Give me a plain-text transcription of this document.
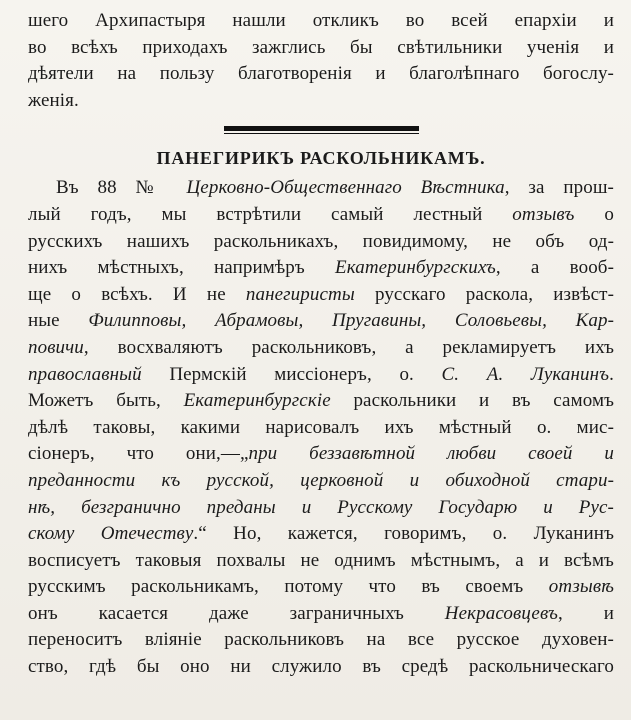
шего Архипастыря нашли откликъ во всей епархіи и
во всѣхъ приходахъ зажглись бы свѣтильники ученія и
дѣятели на пользу благотворенія и благолѣпнаго богослу-
женія.
ПАНЕГИРИКЪ РАСКОЛЬНИКАМЪ.
Въ 88 № Церковно-Общественнаго Вѣстника, за прош-
лый годъ, мы встрѣтили самый лестный отзывъ о
русскихъ нашихъ раскольникахъ, повидимому, не объ од-
нихъ мѣстныхъ, напримѣръ Екатеринбургскихъ, а вооб-
ще о всѣхъ. И не панегиристы русскаго раскола, извѣст-
ные Филипповы, Абрамовы, Пругавины, Соловьевы, Кар-
повичи, восхваляютъ раскольниковъ, а рекламируетъ ихъ
православный Пермскій миссіонеръ, о. С. А. Луканинъ.
Можетъ быть, Екатеринбургскіе раскольники и въ самомъ
дѣлѣ таковы, какими нарисовалъ ихъ мѣстный о. мис-
сіонеръ, что они,—„при беззавѣтной любви своей и
преданности къ русской, церковной и обиходной стари-
нѣ, безгранично преданы и Русскому Государю и Рус-
скому Отечеству.“ Но, кажется, говоримъ, о. Луканинъ
восписуетъ таковыя похвалы не однимъ мѣстнымъ, а и всѣмъ
русскимъ раскольникамъ, потому что въ своемъ отзывѣ
онъ касается даже заграничныхъ Некрасовцевъ, и
переноситъ вліяніе раскольниковъ на все русское духовен-
ство, гдѣ бы оно ни служило въ средѣ раскольническаго
